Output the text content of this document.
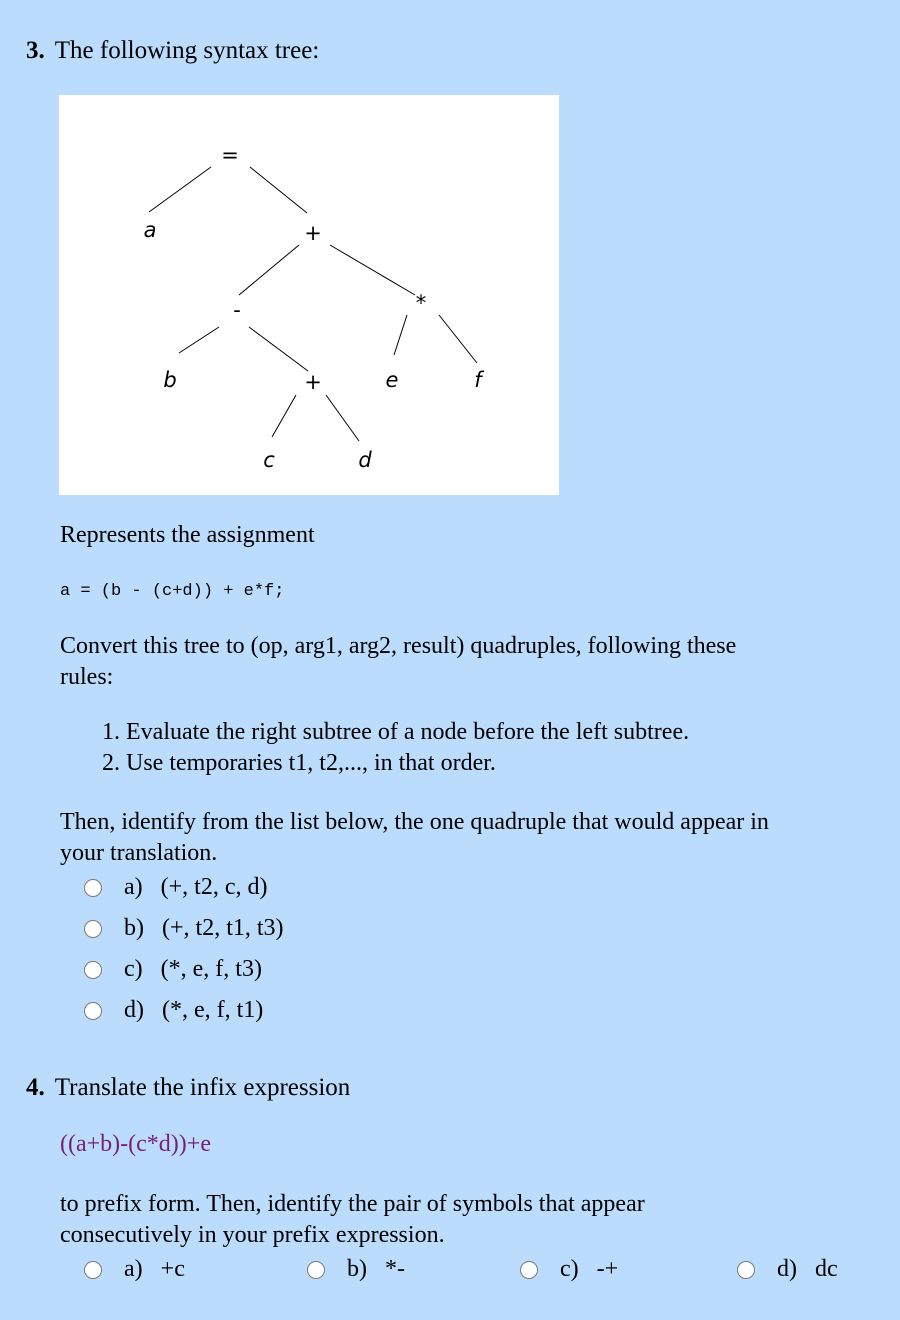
3. The following syntax tree:
=
a	+
-	*
b	+	e	f
c	d
Represents the assignment
a = (b - (c+d)) + e*f;
Convert this tree to (op, arg1, arg2, result) quadruples, following these
rules:
1. Evaluate the right subtree of a node before the left subtree.
2. Use temporaries t1, t2,..., in that order.
Then, identify from the list below, the one quadruple that would appear in
your translation.
a) (+, t2, c, d)
b) (+, t2, t1, t3)
c) (*, e, f, t3)
d) (*, e, f, t1)
4. Translate the infix expression
((a+b)-(c*d))+e
to prefix form. Then, identify the pair of symbols that appear
consecutively in your prefix expression.
a) +c	b) *-	c) -+	d) dc
